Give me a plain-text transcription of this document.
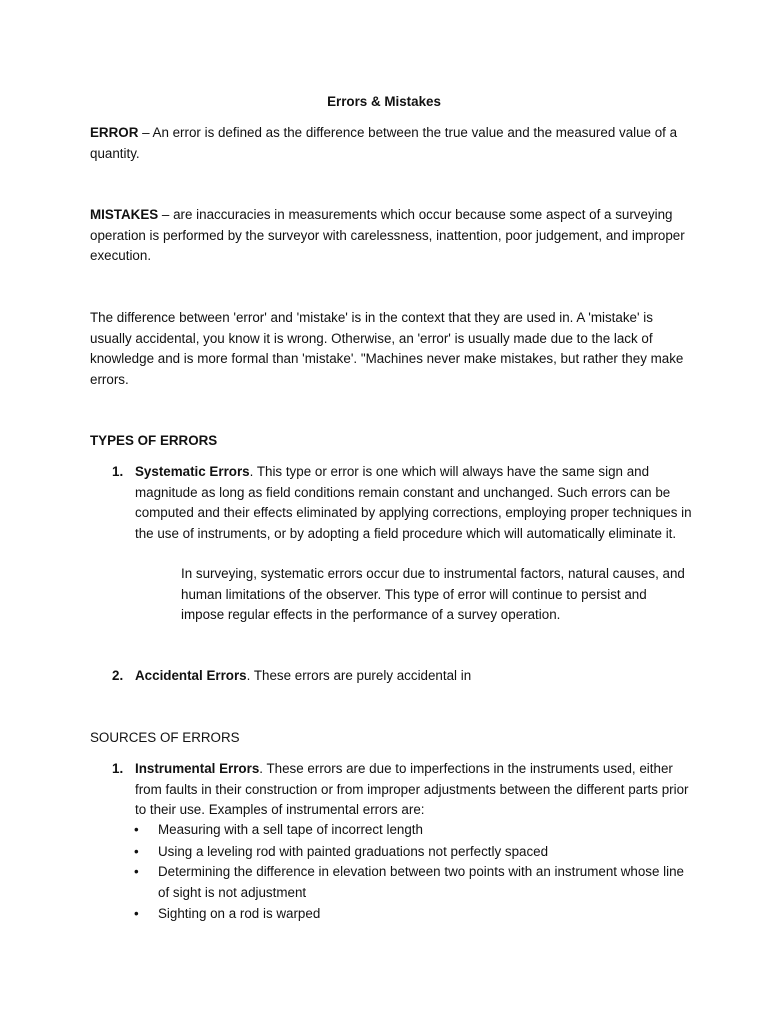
Errors & Mistakes

ERROR – An error is defined as the difference between the true value and the measured value of a quantity.

MISTAKES – are inaccuracies in measurements which occur because some aspect of a surveying operation is performed by the surveyor with carelessness, inattention, poor judgement, and improper execution.

The difference between 'error' and 'mistake' is in the context that they are used in. A 'mistake' is usually accidental, you know it is wrong. Otherwise, an 'error' is usually made due to the lack of knowledge and is more formal than 'mistake'. "Machines never make mistakes, but rather they make errors.

TYPES OF ERRORS

1. Systematic Errors. This type or error is one which will always have the same sign and magnitude as long as field conditions remain constant and unchanged. Such errors can be computed and their effects eliminated by applying corrections, employing proper techniques in the use of instruments, or by adopting a field procedure which will automatically eliminate it.
In surveying, systematic errors occur due to instrumental factors, natural causes, and human limitations of the observer. This type of error will continue to persist and impose regular effects in the performance of a survey operation.
2. Accidental Errors. These errors are purely accidental in

SOURCES OF ERRORS

1. Instrumental Errors. These errors are due to imperfections in the instruments used, either from faults in their construction or from improper adjustments between the different parts prior to their use. Examples of instrumental errors are:
• Measuring with a sell tape of incorrect length
• Using a leveling rod with painted graduations not perfectly spaced
• Determining the difference in elevation between two points with an instrument whose line of sight is not adjustment
• Sighting on a rod is warped
